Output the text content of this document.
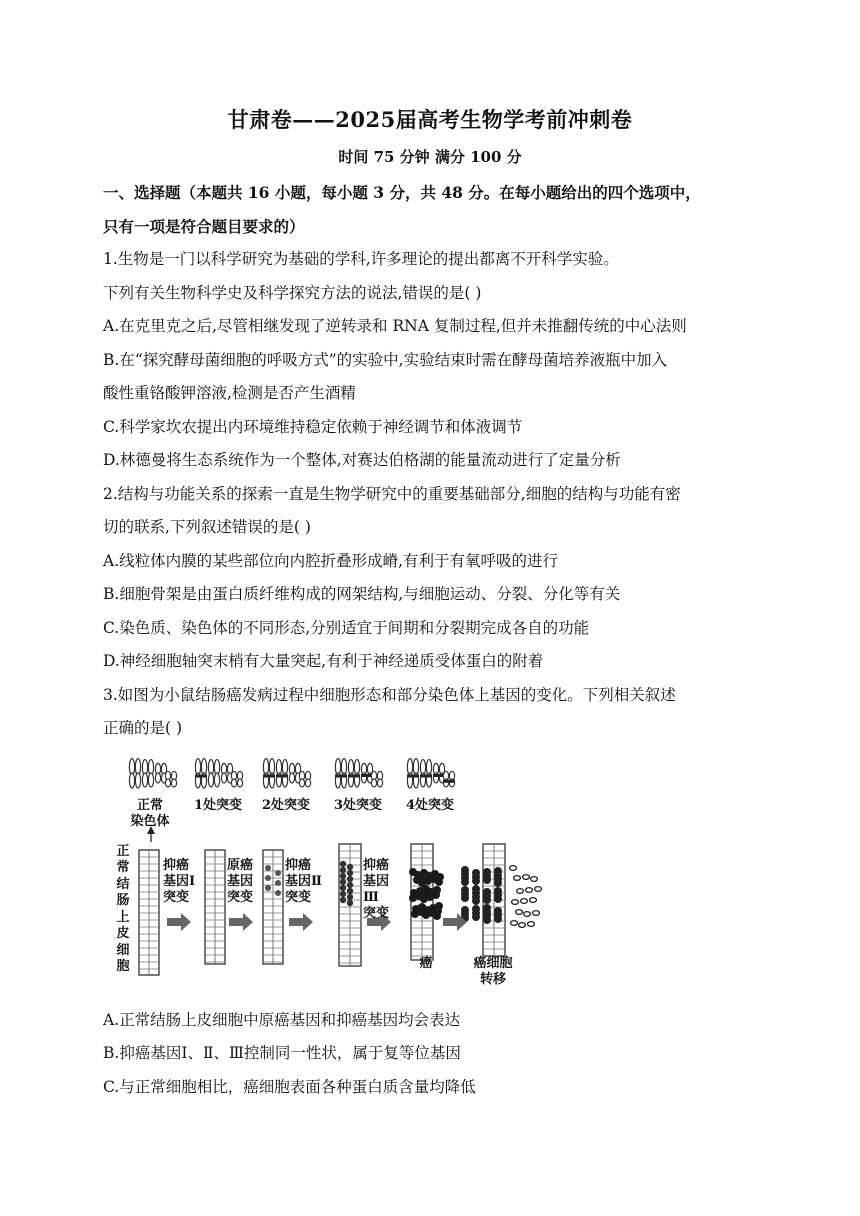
甘肃卷——2025届高考生物学考前冲刺卷
时间 75 分钟 满分 100 分
一、选择题（本题共 16 小题，每小题 3 分，共 48 分。在每小题给出的四个选项中，
只有一项是符合题目要求的）
1.生物是一门以科学研究为基础的学科,许多理论的提出都离不开科学实验。
下列有关生物科学史及科学探究方法的说法,错误的是( )
A.在克里克之后,尽管相继发现了逆转录和 RNA 复制过程,但并未推翻传统的中心法则
B.在“探究酵母菌细胞的呼吸方式”的实验中,实验结束时需在酵母菌培养液瓶中加入
酸性重铬酸钾溶液,检测是否产生酒精
C.科学家坎农提出内环境维持稳定依赖于神经调节和体液调节
D.林德曼将生态系统作为一个整体,对赛达伯格湖的能量流动进行了定量分析
2.结构与功能关系的探索一直是生物学研究中的重要基础部分,细胞的结构与功能有密
切的联系,下列叙述错误的是( )
A.线粒体内膜的某些部位向内腔折叠形成嵴,有利于有氧呼吸的进行
B.细胞骨架是由蛋白质纤维构成的网架结构,与细胞运动、分裂、分化等有关
C.染色质、染色体的不同形态,分别适宜于间期和分裂期完成各自的功能
D.神经细胞轴突末梢有大量突起,有利于神经递质受体蛋白的附着
3.如图为小鼠结肠癌发病过程中细胞形态和部分染色体上基因的变化。下列相关叙述
正确的是( )
正常
染色体
1处突变	2处突变	3处突变	4处突变
正
常
结
肠
上
皮
细
胞
抑癌
基因Ⅰ
突变
原癌
基因
突变
抑癌
基因Ⅱ
突变
抑癌
基因Ⅲ
突变
癌	癌细胞
转移
A.正常结肠上皮细胞中原癌基因和抑癌基因均会表达
B.抑癌基因Ⅰ、Ⅱ、Ⅲ控制同一性状，属于复等位基因
C.与正常细胞相比，癌细胞表面各种蛋白质含量均降低
